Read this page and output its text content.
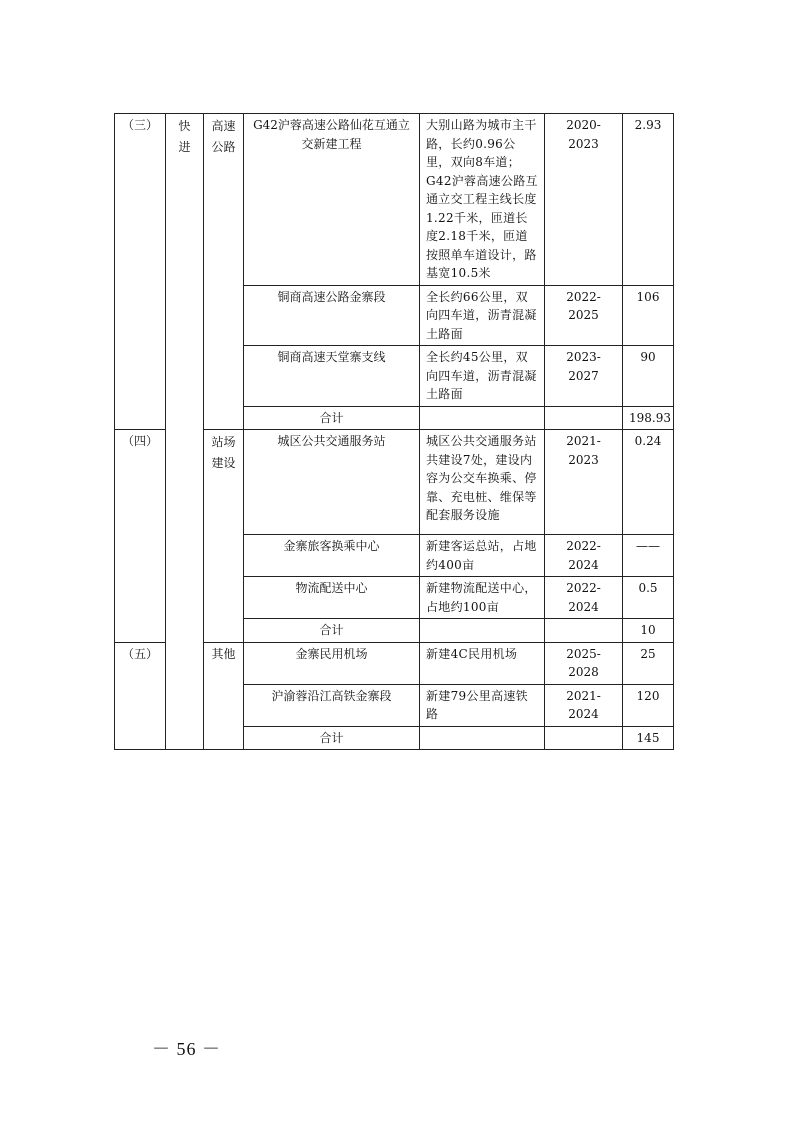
（三）	快进	高速公路	G42沪蓉高速公路仙花互通立交新建工程	大别山路为城市主干路，长约0.96公里，双向8车道；G42沪蓉高速公路互通立交工程主线长度1.22千米，匝道长度2.18千米，匝道按照单车道设计，路基宽10.5米	2020-2023	2.93
			铜商高速公路金寨段	全长约66公里，双向四车道，沥青混凝土路面	2022-2025	106
			铜商高速天堂寨支线	全长约45公里，双向四车道，沥青混凝土路面	2023-2027	90
			合计			198.93
（四）		站场建设	城区公共交通服务站	城区公共交通服务站共建设7处，建设内容为公交车换乘、停靠、充电桩、维保等配套服务设施	2021-2023	0.24
			金寨旅客换乘中心	新建客运总站，占地约400亩	2022-2024	——
			物流配送中心	新建物流配送中心，占地约100亩	2022-2024	0.5
			合计			10
（五）		其他	金寨民用机场	新建4C民用机场	2025-2028	25
			沪渝蓉沿江高铁金寨段	新建79公里高速铁路	2021-2024	120
			合计			145
－ 56 －
